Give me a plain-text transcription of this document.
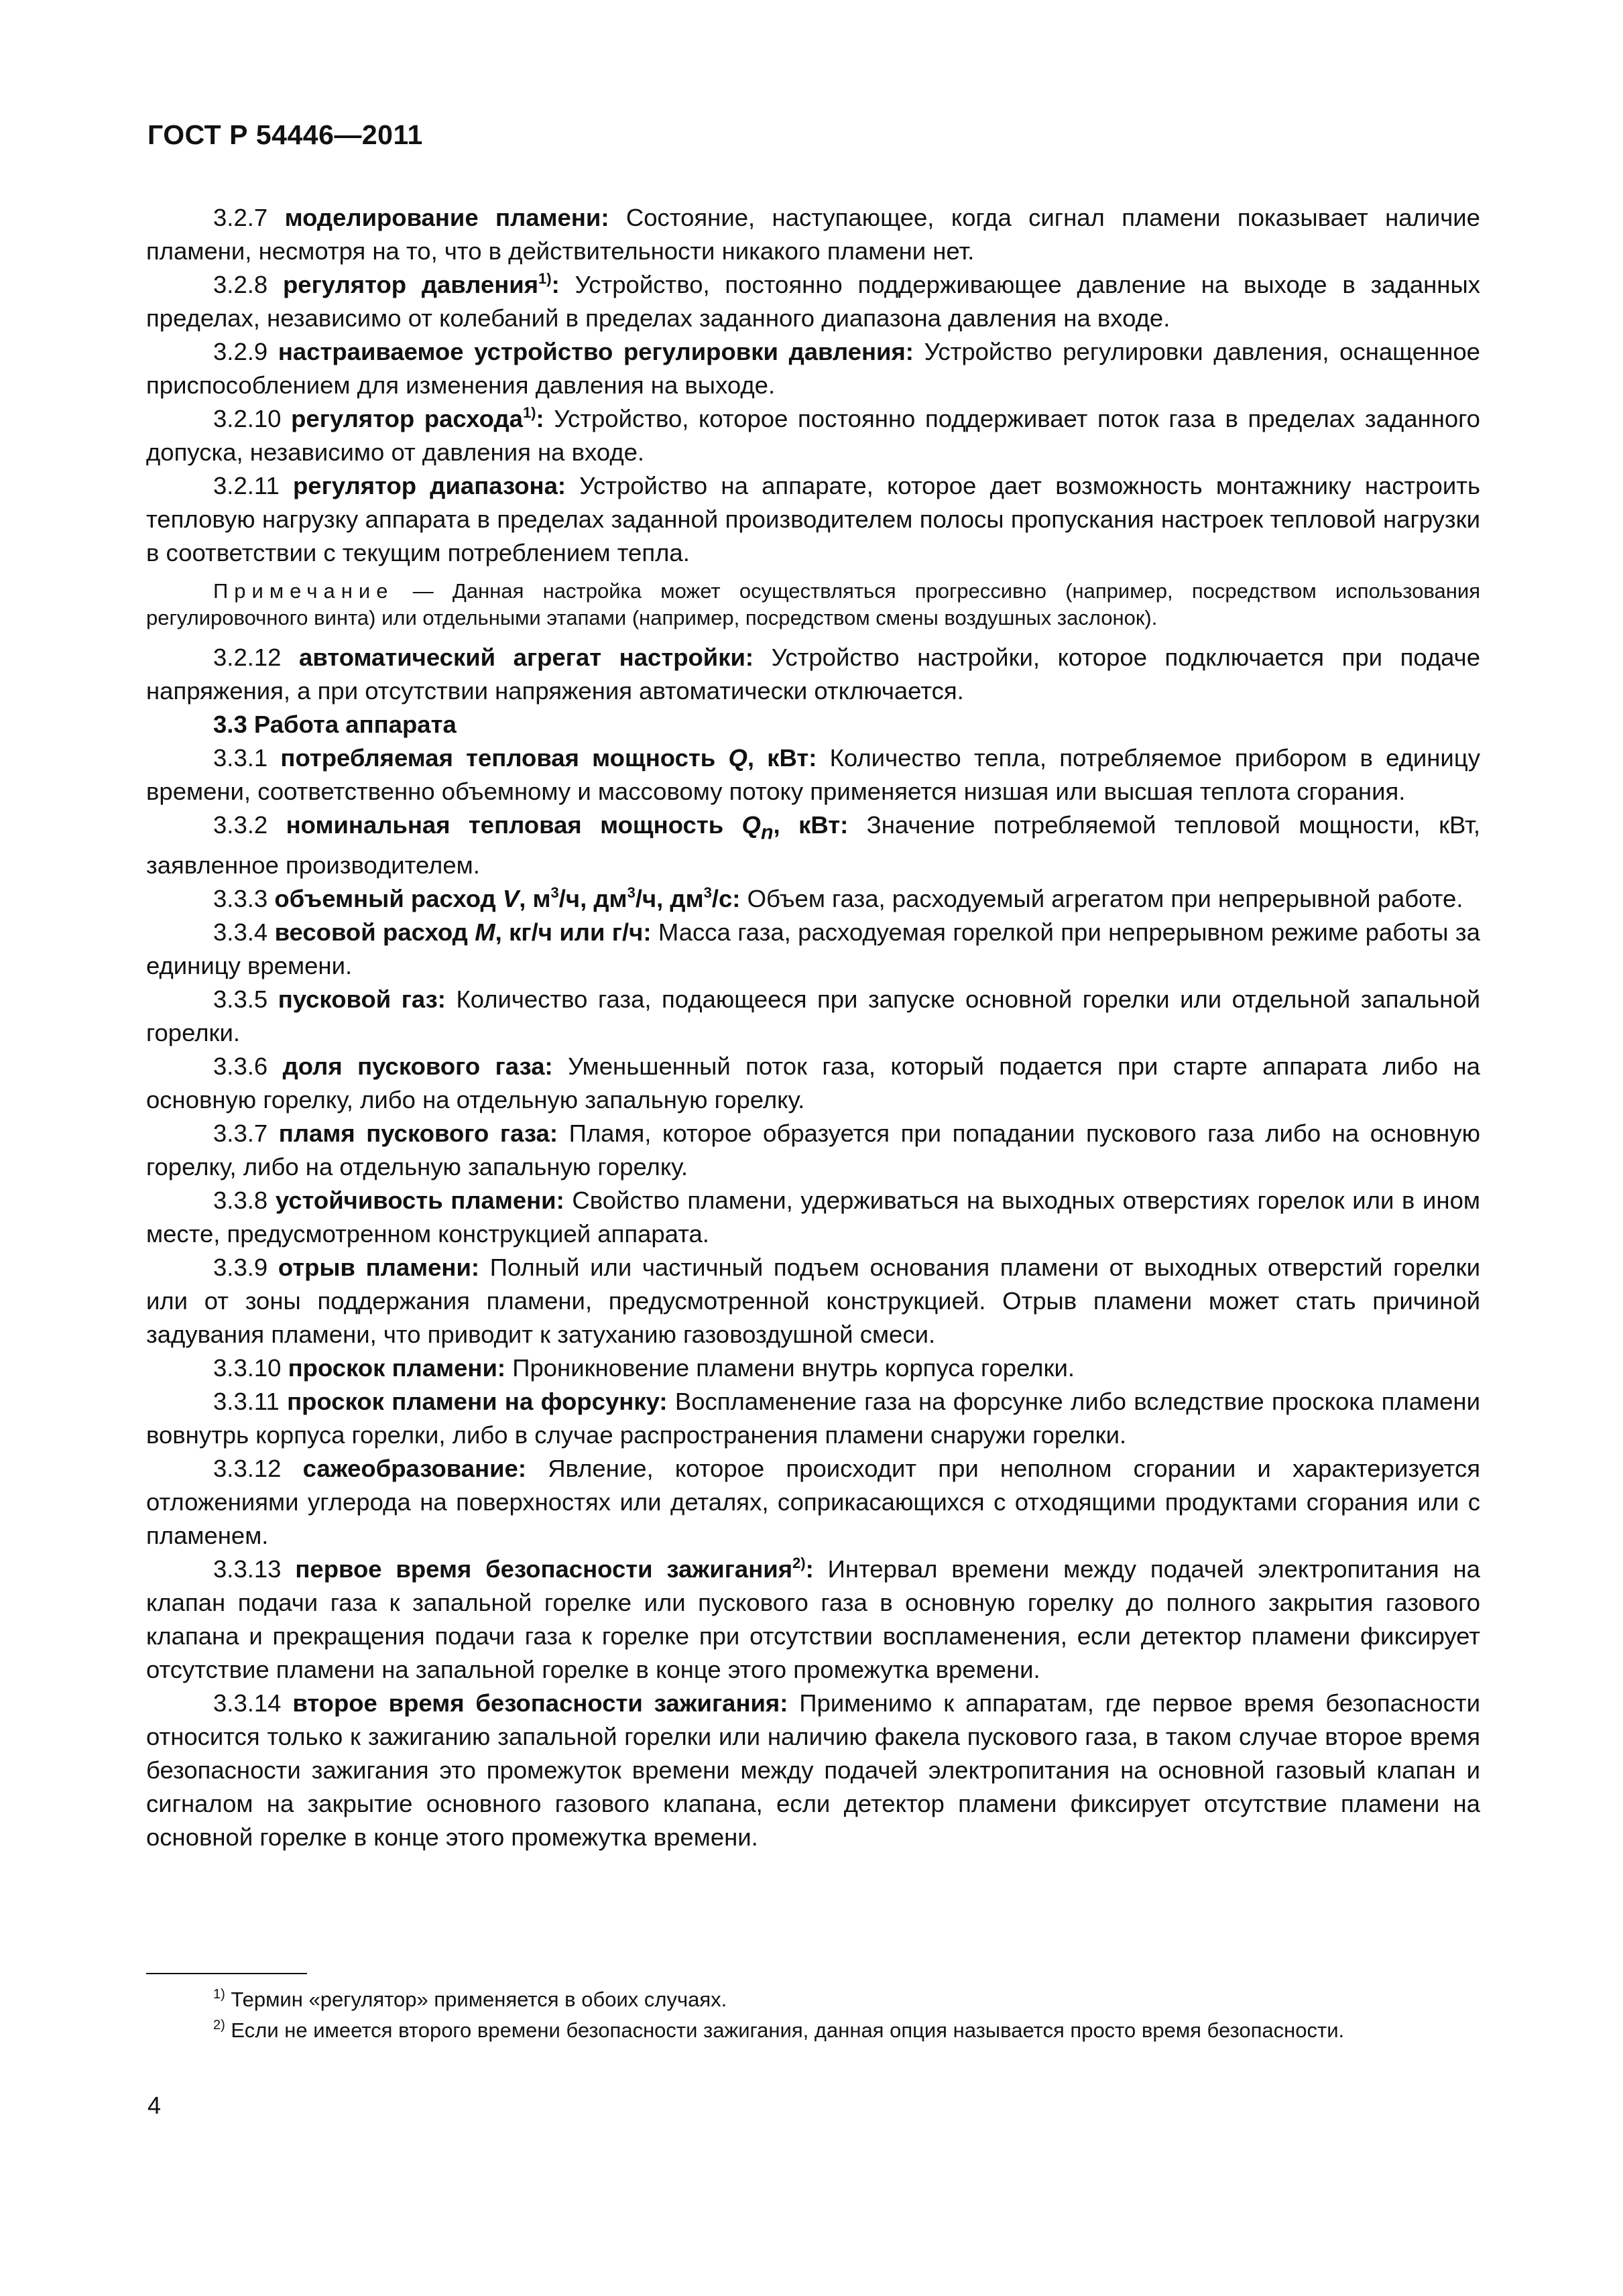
ГОСТ Р 54446—2011

3.2.7 моделирование пламени: Состояние, наступающее, когда сигнал пламени показывает наличие пламени, несмотря на то, что в действительности никакого пламени нет.

3.2.8 регулятор давления$^{1)}$: Устройство, постоянно поддерживающее давление на выходе в заданных пределах, независимо от колебаний в пределах заданного диапазона давления на входе.

3.2.9 настраиваемое устройство регулировки давления: Устройство регулировки давления, оснащенное приспособлением для изменения давления на выходе.

3.2.10 регулятор расхода$^{1)}$: Устройство, которое постоянно поддерживает поток газа в пределах заданного допуска, независимо от давления на входе.

3.2.11 регулятор диапазона: Устройство на аппарате, которое дает возможность монтажнику настроить тепловую нагрузку аппарата в пределах заданной производителем полосы пропускания настроек тепловой нагрузки в соответствии с текущим потреблением тепла.

Примечание — Данная настройка может осуществляться прогрессивно (например, посредством использования регулировочного винта) или отдельными этапами (например, посредством смены воздушных заслонок).

3.2.12 автоматический агрегат настройки: Устройство настройки, которое подключается при подаче напряжения, а при отсутствии напряжения автоматически отключается.

3.3 Работа аппарата

3.3.1 потребляемая тепловая мощность Q, кВт: Количество тепла, потребляемое прибором в единицу времени, соответственно объемному и массовому потоку применяется низшая или высшая теплота сгорания.

3.3.2 номинальная тепловая мощность $Q_n$, кВт: Значение потребляемой тепловой мощности, кВт, заявленное производителем.

3.3.3 объемный расход V, $м^3/ч$, $дм^3/ч$, $дм^3/с$: Объем газа, расходуемый агрегатом при непрерывной работе.

3.3.4 весовой расход M, кг/ч или г/ч: Масса газа, расходуемая горелкой при непрерывном режиме работы за единицу времени.

3.3.5 пусковой газ: Количество газа, подающееся при запуске основной горелки или отдельной запальной горелки.

3.3.6 доля пускового газа: Уменьшенный поток газа, который подается при старте аппарата либо на основную горелку, либо на отдельную запальную горелку.

3.3.7 пламя пускового газа: Пламя, которое образуется при попадании пускового газа либо на основную горелку, либо на отдельную запальную горелку.

3.3.8 устойчивость пламени: Свойство пламени, удерживаться на выходных отверстиях горелок или в ином месте, предусмотренном конструкцией аппарата.

3.3.9 отрыв пламени: Полный или частичный подъем основания пламени от выходных отверстий горелки или от зоны поддержания пламени, предусмотренной конструкцией. Отрыв пламени может стать причиной задувания пламени, что приводит к затуханию газовоздушной смеси.

3.3.10 проскок пламени: Проникновение пламени внутрь корпуса горелки.

3.3.11 проскок пламени на форсунку: Воспламенение газа на форсунке либо вследствие проскока пламени вовнутрь корпуса горелки, либо в случае распространения пламени снаружи горелки.

3.3.12 сажеобразование: Явление, которое происходит при неполном сгорании и характеризуется отложениями углерода на поверхностях или деталях, соприкасающихся с отходящими продуктами сгорания или с пламенем.

3.3.13 первое время безопасности зажигания$^{2)}$: Интервал времени между подачей электропитания на клапан подачи газа к запальной горелке или пускового газа в основную горелку до полного закрытия газового клапана и прекращения подачи газа к горелке при отсутствии воспламенения, если детектор пламени фиксирует отсутствие пламени на запальной горелке в конце этого промежутка времени.

3.3.14 второе время безопасности зажигания: Применимо к аппаратам, где первое время безопасности относится только к зажиганию запальной горелки или наличию факела пускового газа, в таком случае второе время безопасности зажигания это промежуток времени между подачей электропитания на основной газовый клапан и сигналом на закрытие основного газового клапана, если детектор пламени фиксирует отсутствие пламени на основной горелке в конце этого промежутка времени.

$^{1)}$ Термин «регулятор» применяется в обоих случаях.

$^{2)}$ Если не имеется второго времени безопасности зажигания, данная опция называется просто время безопасности.

4
